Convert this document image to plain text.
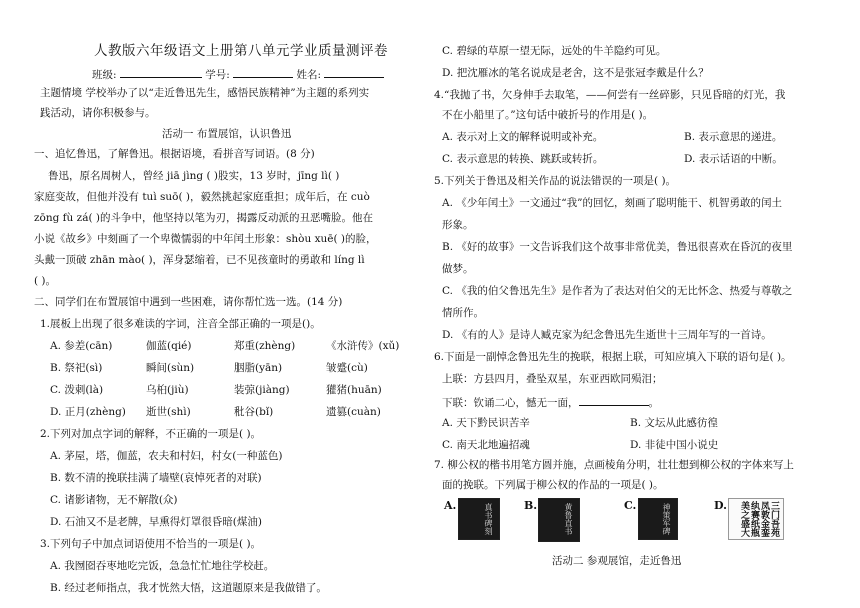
人教版六年级语文上册第八单元学业质量测评卷
班级:	学号:	姓名:
主题情境 学校举办了以“走近鲁迅先生，感悟民族精神”为主题的系列实
践活动，请你积极参与。
活动一 布置展馆，认识鲁迅
一、追忆鲁迅，了解鲁迅。根据语境，看拼音写词语。(8 分)
鲁迅，原名周树人，曾经 jiā jìng ( )股实，13 岁时，jīng lì( )
家庭变故，但他并没有 tuì suō( )，毅然挑起家庭重担；成年后，在 cuò
zōng fù zá( )的斗争中，他坚持以笔为刃，揭露反动派的丑恶嘴脸。他在
小说《故乡》中刻画了一个卑微懦弱的中年闰土形象：shòu xuē( )的脸，
头戴一顶破 zhān mào( )，浑身瑟缩着，已不见孩童时的勇敢和 líng lì
( )。
二、同学们在布置展馆中遇到一些困难，请你帮忙选一选。(14 分)
1.展板上出现了很多难读的字词，注音全部正确的一项是()。
A. 参差(cān)	伽蓝(qié)	郑重(zhèng)	《水浒传》(xǔ)
B. 祭祀(sì)	瞬间(sùn)	胭脂(yān)	皱蹙(cù)
C. 泼刺(là)	乌桕(jiù)	装弶(jiàng)	獾猪(huān)
D. 正月(zhèng) 逝世(shì)	秕谷(bǐ)	遗篡(cuàn)
2.下列对加点字词的解释，不正确的一项是( )。
A. 茅屋，塔，伽蓝，农夫和村妇，村女(一种蓝色)
B. 数不清的挽联挂满了墙壁(哀悼死者的对联)
C. 诸影诸物，无不解散(众)
D. 石油又不是老牌，早熏得灯罩很昏暗(煤油)
3.下列句子中加点词语使用不恰当的一项是( )。
A. 我囫囵吞枣地吃完饭，急急忙忙地往学校赶。
B. 经过老师指点，我才恍然大悟，这道题原来是我做错了。
C. 碧绿的草原一望无际，远处的牛羊隐约可见。
D. 把沈雁冰的笔名说成是老舍，这不是张冠李戴是什么？
4.“我抛了书，欠身伸手去取笔，——何尝有一丝碎影，只见昏暗的灯光，我
不在小船里了。”这句话中破折号的作用是( )。
A. 表示对上文的解释说明或补充。	B. 表示意思的递进。
C. 表示意思的转换、跳跃或转折。	D. 表示话语的中断。
5.下列关于鲁迅及相关作品的说法错误的一项是( )。
A. 《少年闰土》一文通过“我”的回忆，刻画了聪明能干、机智勇敢的闰土
形象。
B. 《好的故事》一文告诉我们这个故事非常优美，鲁迅很喜欢在昏沉的夜里
做梦。
C. 《我的伯父鲁迅先生》是作者为了表达对伯父的无比怀念、热爱与尊敬之
情所作。
D. 《有的人》是诗人臧克家为纪念鲁迅先生逝世十三周年写的一首诗。
6.下面是一副悼念鲁迅先生的挽联，根据上联，可知应填入下联的语句是( )。
上联：方县四月，叠坠双星，东亚西欧同殒泪；
下联：钦诵二心，憾无一面，	。
A. 天下黔民识苦辛	B. 文坛从此感彷徨
C. 南天北地遍招魂	D. 非徒中国小说史
7. 柳公权的楷书用笔方圆并施，点画棱角分明，壮壮想到柳公权的字体来写上
面的挽联。下列属于柳公权的作品的一项是( )。
A.	真书碑刻	B.	黄鲁直书	C.	神策军碑	D.	三门吾苑 凤敦金銮 纨赛纸瓶 美之盛大
活动二 参观展馆，走近鲁迅
